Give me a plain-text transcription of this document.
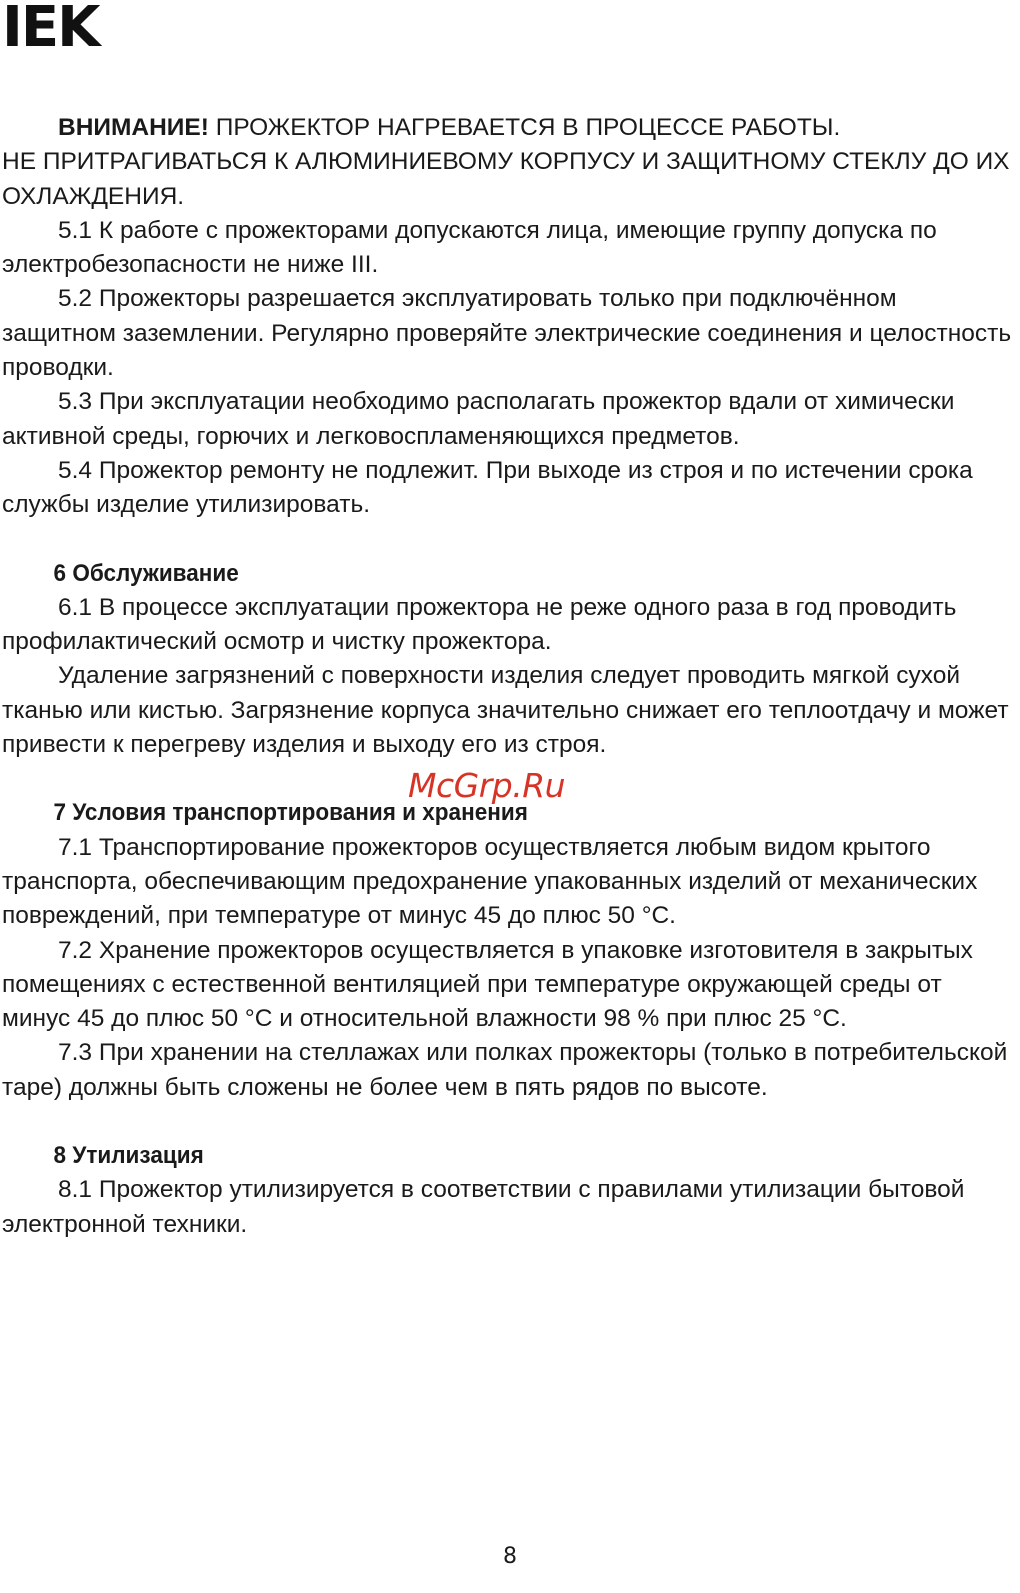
IEK

ВНИМАНИЕ! ПРОЖЕКТОР НАГРЕВАЕТСЯ В ПРОЦЕССЕ РАБОТЫ.

НЕ ПРИТРАГИВАТЬСЯ К АЛЮМИНИЕВОМУ КОРПУСУ И ЗАЩИТНОМУ СТЕКЛУ ДО ИХ ОХЛАЖДЕНИЯ.

5.1 К работе с прожекторами допускаются лица, имеющие группу допуска по электробезопасности не ниже III.

5.2 Прожекторы разрешается эксплуатировать только при подключённом защитном заземлении. Регулярно проверяйте электрические соединения и целостность проводки.

5.3 При эксплуатации необходимо располагать прожектор вдали от химически активной среды, горючих и легковоспламеняющихся предметов.

5.4 Прожектор ремонту не подлежит. При выходе из строя и по истечении срока службы изделие утилизировать.

6 Обслуживание

6.1 В процессе эксплуатации прожектора не реже одного раза в год проводить профилактический осмотр и чистку прожектора.

Удаление загрязнений с поверхности изделия следует проводить мягкой сухой тканью или кистью. Загрязнение корпуса значительно снижает его теплоотдачу и может привести к перегреву изделия и выходу его из строя.

7 Условия транспортирования и хранения

7.1 Транспортирование прожекторов осуществляется любым видом крытого транспорта, обеспечивающим предохранение упакованных изделий от механических повреждений, при температуре от минус 45 до плюс 50 °С.

7.2 Хранение прожекторов осуществляется в упаковке изготовителя в закрытых помещениях с естественной вентиляцией при температуре окружающей среды от минус 45 до плюс 50 °С и относительной влажности 98 % при плюс 25 °С.

7.3 При хранении на стеллажах или полках прожекторы (только в потребительской таре) должны быть сложены не более чем в пять рядов по высоте.

8 Утилизация

8.1 Прожектор утилизируется в соответствии с правилами утилизации бытовой электронной техники.

McGrp.Ru
8
